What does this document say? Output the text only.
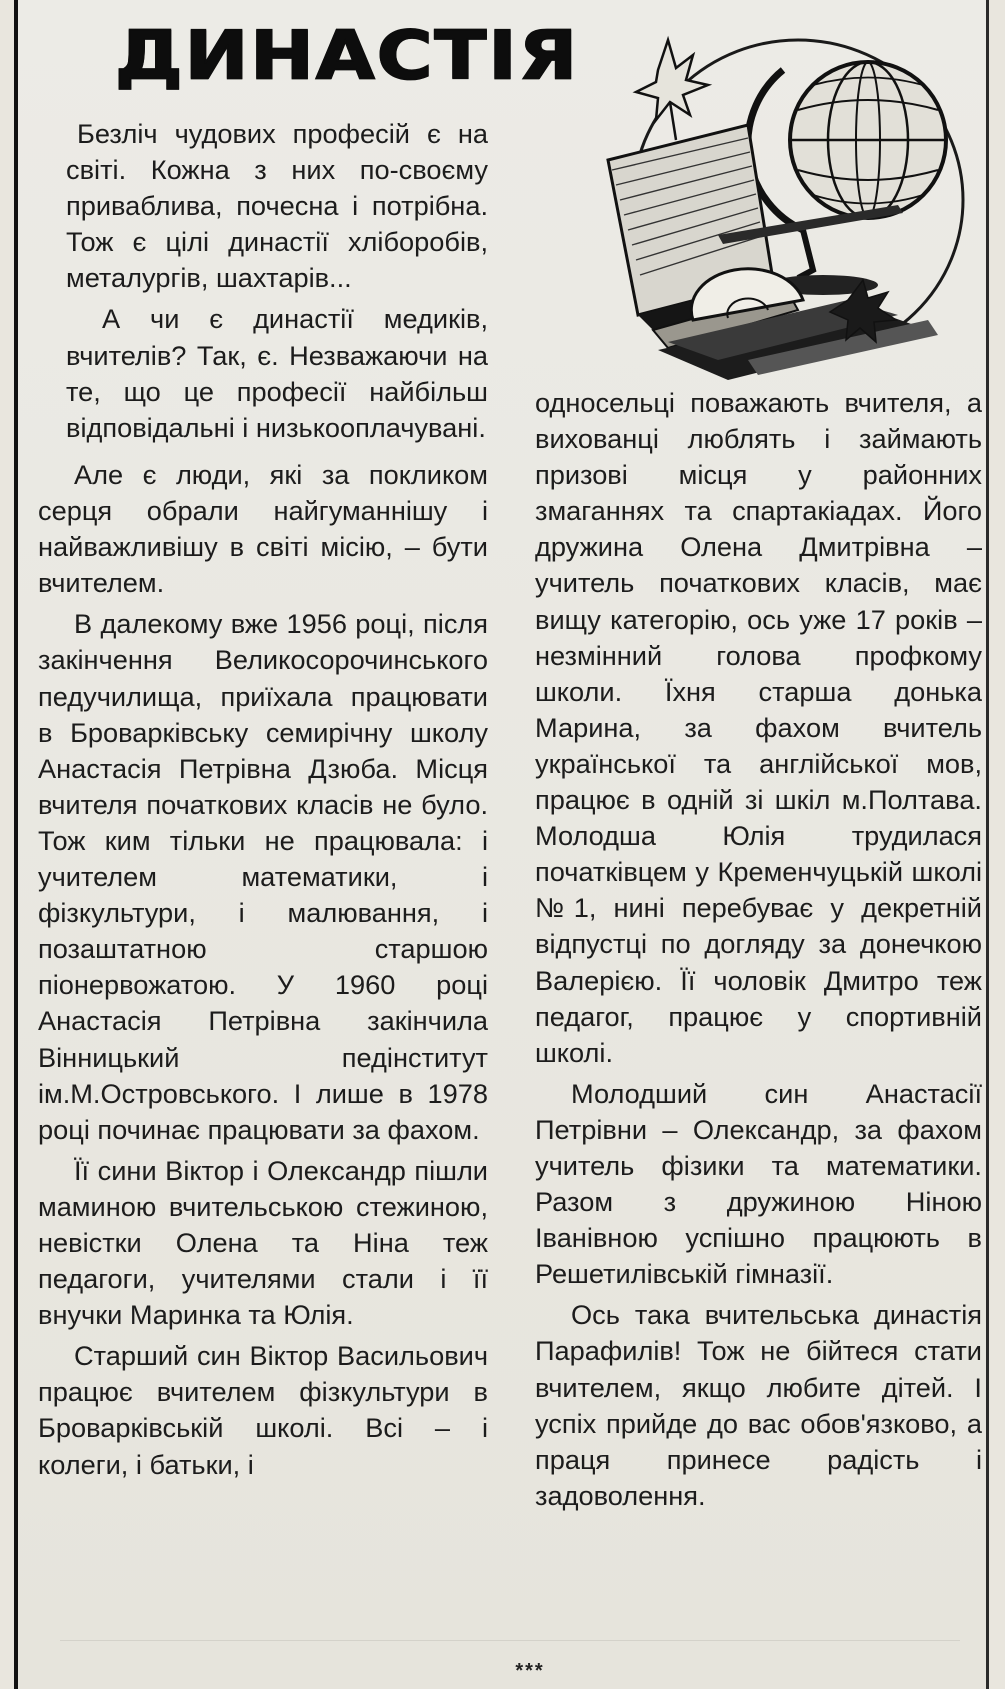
ДИНАСТІЯ

Безліч чудових професій є на світі. Кожна з них по-своєму приваблива, почесна і потрібна. Тож є цілі династії хліборобів, металургів, шахтарів...

А чи є династії медиків, вчителів? Так, є. Незважаючи на те, що це професії найбільш відповідальні і низькооплачувані.

Але є люди, які за покликом серця обрали найгуманнішу і найважливішу в світі місію, – бути вчителем.

В далекому вже 1956 році, після закінчення Великосорочинського педучилища, приїхала працювати в Броварківську семирічну школу Анастасія Петрівна Дзюба. Місця вчителя початкових класів не було. Тож ким тільки не працювала: і учителем математики, і фізкультури, і малювання, і позаштатною старшою піонервожатою. У 1960 році Анастасія Петрівна закінчила Вінницький педінститут ім.М.Островського. І лише в 1978 році починає працювати за фахом.

Її сини Віктор і Олександр пішли маминою вчительською стежиною, невістки Олена та Ніна теж педагоги, учителями стали і її внучки Маринка та Юлія.

Старший син Віктор Васильович працює вчителем фізкультури в Броварківській школі. Всі – і колеги, і батьки, і

односельці поважають вчителя, а вихованці люблять і займають призові місця у районних змаганнях та спартакіадах. Його дружина Олена Дмитрівна – учитель початкових класів, має вищу категорію, ось уже 17 років – незмінний голова профкому школи. Їхня старша донька Марина, за фахом вчитель української та англійської мов, працює в одній зі шкіл м.Полтава. Молодша Юлія трудилася початківцем у Кременчуцькій школі №1, нині перебуває у декретній відпустці по догляду за донечкою Валерією. Її чоловік Дмитро теж педагог, працює у спортивній школі.

Молодший син Анастасії Петрівни – Олександр, за фахом учитель фізики та математики. Разом з дружиною Ніною Іванівною успішно працюють в Решетилівській гімназії.

Ось така вчительська династія Парафилів! Тож не бійтеся стати вчителем, якщо любите дітей. І успіх прийде до вас обов'язково, а праця принесе радість і задоволення.

***
